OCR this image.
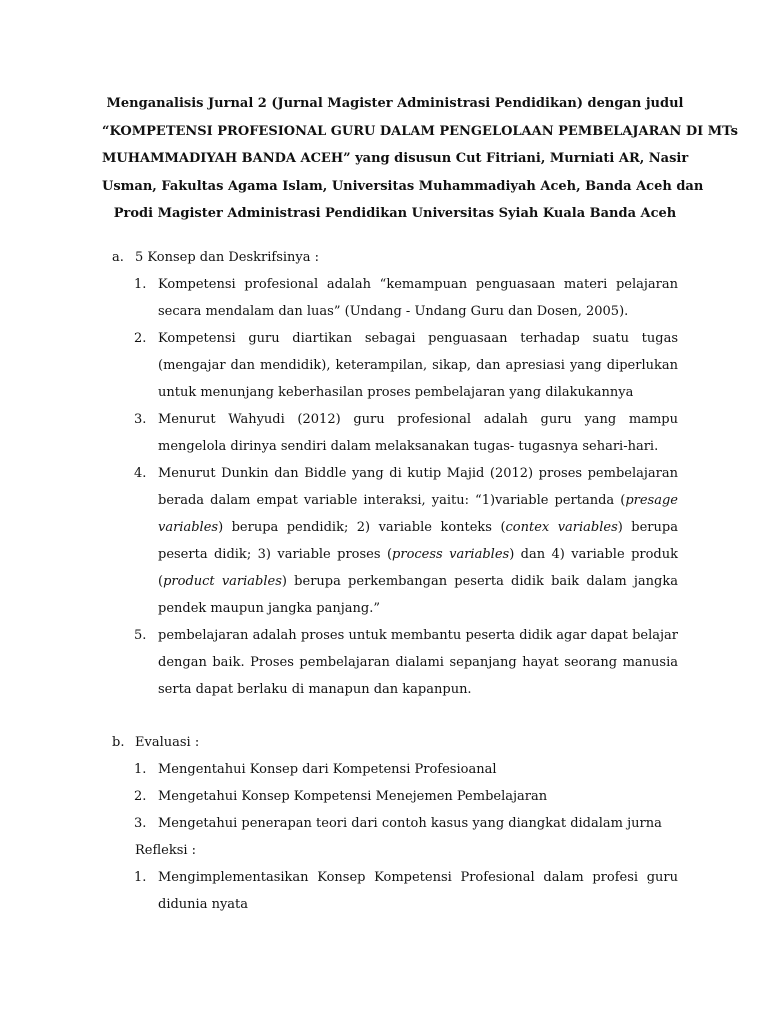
Menganalisis Jurnal 2 (Jurnal Magister Administrasi Pendidikan) dengan judul
“KOMPETENSI PROFESIONAL GURU DALAM PENGELOLAAN PEMBELAJARAN DI MTs
MUHAMMADIYAH BANDA ACEH” yang disusun Cut Fitriani, Murniati AR, Nasir
Usman, Fakultas Agama Islam, Universitas Muhammadiyah Aceh, Banda Aceh dan
Prodi Magister Administrasi Pendidikan Universitas Syiah Kuala Banda Aceh
a. 5 Konsep dan Deskrifsinya :
1. Kompetensi profesional adalah “kemampuan penguasaan materi pelajaran secara mendalam dan luas” (Undang - Undang Guru dan Dosen, 2005).
2. Kompetensi guru diartikan sebagai penguasaan terhadap suatu tugas (mengajar dan mendidik), keterampilan, sikap, dan apresiasi yang diperlukan untuk menunjang keberhasilan proses pembelajaran yang dilakukannya
3. Menurut Wahyudi (2012) guru profesional adalah guru yang mampu mengelola dirinya sendiri dalam melaksanakan tugas- tugasnya sehari-hari.
4. Menurut Dunkin dan Biddle yang di kutip Majid (2012) proses pembelajaran berada dalam empat variable interaksi, yaitu: “1)variable pertanda (presage variables) berupa pendidik; 2) variable konteks (contex variables) berupa peserta didik; 3) variable proses (process variables) dan 4) variable produk (product variables) berupa perkembangan peserta didik baik dalam jangka pendek maupun jangka panjang.”
5. pembelajaran adalah proses untuk membantu peserta didik agar dapat belajar dengan baik. Proses pembelajaran dialami sepanjang hayat seorang manusia serta dapat berlaku di manapun dan kapanpun.
b. Evaluasi :
1. Mengentahui Konsep dari Kompetensi Profesioanal
2. Mengetahui Konsep Kompetensi Menejemen Pembelajaran
3. Mengetahui penerapan teori dari contoh kasus yang diangkat didalam jurna
Refleksi :
1. Mengimplementasikan Konsep Kompetensi Profesional dalam profesi guru didunia nyata
